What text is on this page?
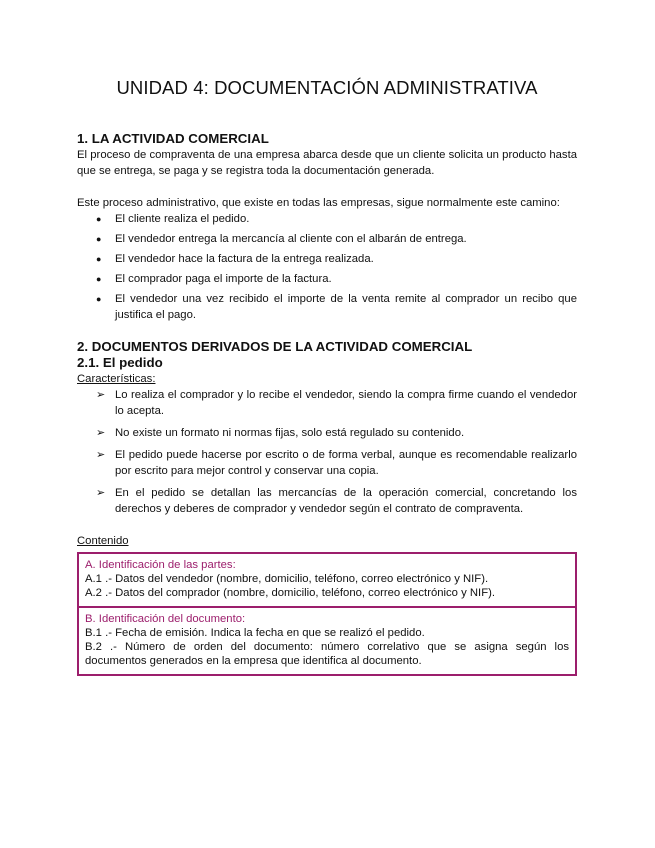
UNIDAD 4: DOCUMENTACIÓN ADMINISTRATIVA
1. LA ACTIVIDAD COMERCIAL

El proceso de compraventa de una empresa abarca desde que un cliente solicita un producto hasta que se entrega, se paga y se registra toda la documentación generada.

Este proceso administrativo, que existe en todas las empresas, sigue normalmente este camino:

● El cliente realiza el pedido.
● El vendedor entrega la mercancía al cliente con el albarán de entrega.
● El vendedor hace la factura de la entrega realizada.
● El comprador paga el importe de la factura.
● El vendedor una vez recibido el importe de la venta remite al comprador un recibo que justifica el pago.
2. DOCUMENTOS DERIVADOS DE LA ACTIVIDAD COMERCIAL
2.1. El pedido

Características:

➢ Lo realiza el comprador y lo recibe el vendedor, siendo la compra firme cuando el vendedor lo acepta.
➢ No existe un formato ni normas fijas, solo está regulado su contenido.
➢ El pedido puede hacerse por escrito o de forma verbal, aunque es recomendable realizarlo por escrito para mejor control y conservar una copia.
➢ En el pedido se detallan las mercancías de la operación comercial, concretando los derechos y deberes de comprador y vendedor según el contrato de compraventa.

Contenido

A. Identificación de las partes:

A.1 .- Datos del vendedor (nombre, domicilio, teléfono, correo electrónico y NIF).

A.2 .- Datos del comprador (nombre, domicilio, teléfono, correo electrónico y NIF).

B. Identificación del documento:

B.1 .- Fecha de emisión. Indica la fecha en que se realizó el pedido.

B.2 .- Número de orden del documento: número correlativo que se asigna según los documentos generados en la empresa que identifica al documento.
